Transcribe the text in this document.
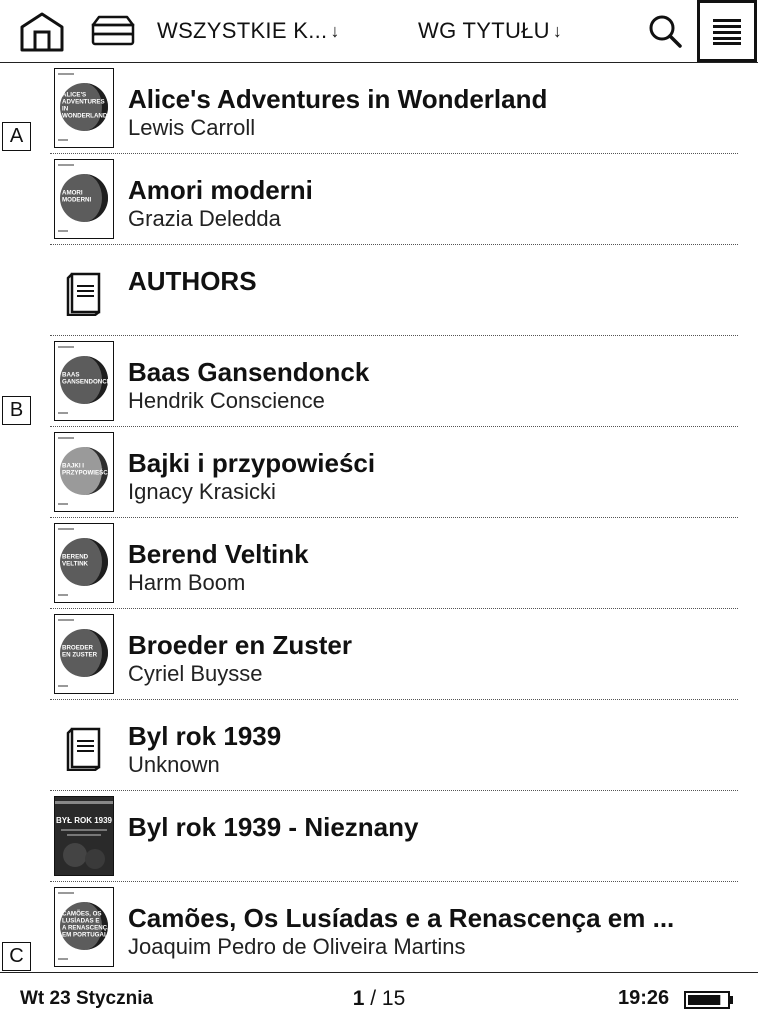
WSZYSTKIE K... ↓	WG TYTUŁU ↓
ALICE'S
ADVENTURES
IN
WONDERLAND
Alice's Adventures in Wonderland
Lewis Carroll
AMORI
MODERNI Amori moderni
Grazia Deledda
AUTHORS
BAAS
GANSENDONCK Baas Gansendonck
Hendrik Conscience
BAJKI I
PRZYPOWIEŚCI Bajki i przypowieści
Ignacy Krasicki
BEREND
VELTINK Berend Veltink
Harm Boom
BROEDER
EN ZUSTER Broeder en Zuster
Cyriel Buysse
Byl rok 1939
Unknown
BYŁ ROK 1939 Byl rok 1939 - Nieznany
CAMÕES, OS
LUSÍADAS E
A RENASCENÇA
EM PORTUGAL
Camões, Os Lusíadas e a Renascença em ...
Joaquim Pedro de Oliveira Martins
A
B
C
Wt 23 Stycznia	1 / 15	19:26
